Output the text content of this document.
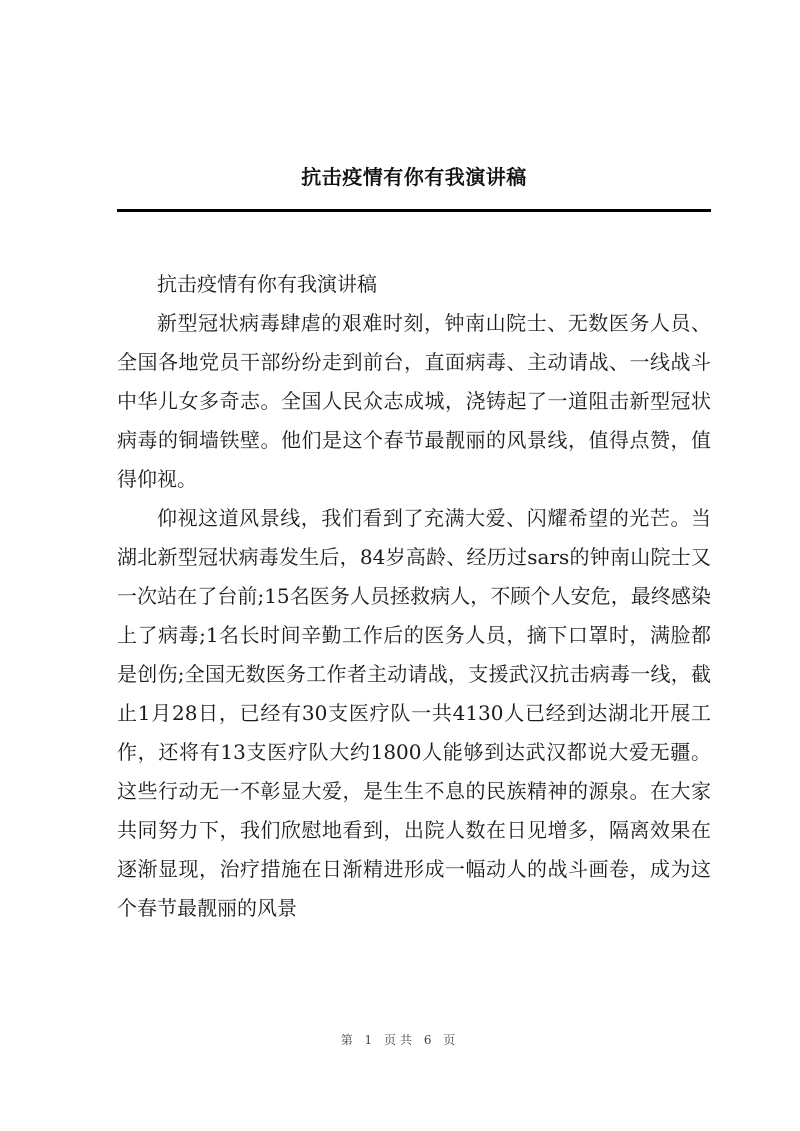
抗击疫情有你有我演讲稿

抗击疫情有你有我演讲稿

新型冠状病毒肆虐的艰难时刻，钟南山院士、无数医务人员、全国各地党员干部纷纷走到前台，直面病毒、主动请战、一线战斗中华儿女多奇志。全国人民众志成城，浇铸起了一道阻击新型冠状病毒的铜墙铁壁。他们是这个春节最靓丽的风景线，值得点赞，值得仰视。

仰视这道风景线，我们看到了充满大爱、闪耀希望的光芒。当湖北新型冠状病毒发生后，84岁高龄、经历过sars的钟南山院士又一次站在了台前;15名医务人员拯救病人，不顾个人安危，最终感染上了病毒;1名长时间辛勤工作后的医务人员，摘下口罩时，满脸都是创伤;全国无数医务工作者主动请战，支援武汉抗击病毒一线，截止1月28日，已经有30支医疗队一共4130人已经到达湖北开展工作，还将有13支医疗队大约1800人能够到达武汉都说大爱无疆。这些行动无一不彰显大爱，是生生不息的民族精神的源泉。在大家共同努力下，我们欣慰地看到，出院人数在日见增多，隔离效果在逐渐显现，治疗措施在日渐精进形成一幅动人的战斗画卷，成为这个春节最靓丽的风景

第 1 页共 6 页
